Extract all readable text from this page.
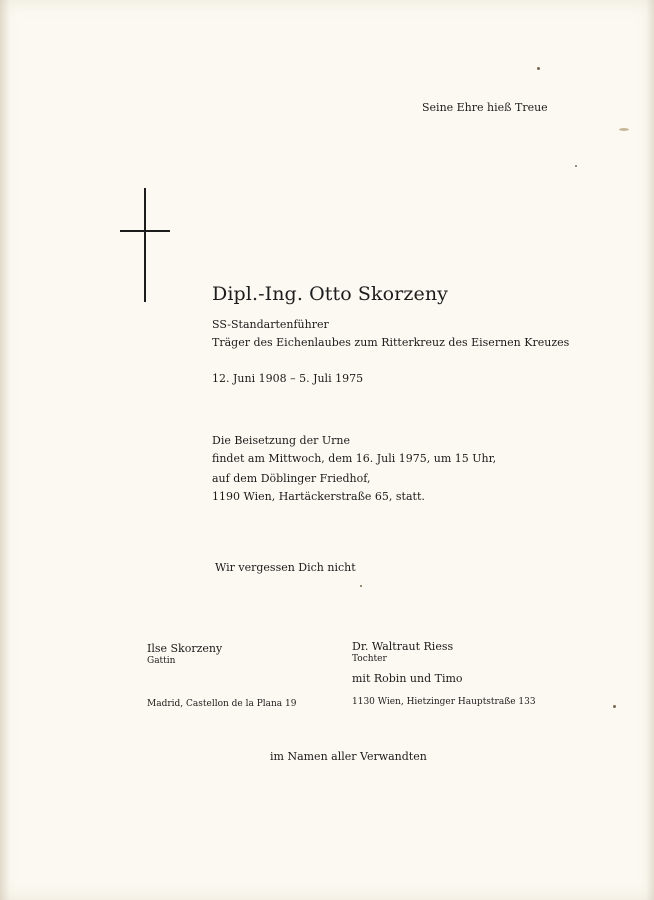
Seine Ehre hieß Treue
Dipl.-Ing. Otto Skorzeny
SS-Standartenführer
Träger des Eichenlaubes zum Ritterkreuz des Eisernen Kreuzes
12. Juni 1908 – 5. Juli 1975
Die Beisetzung der Urne
findet am Mittwoch, dem 16. Juli 1975, um 15 Uhr,
auf dem Döblinger Friedhof,
1190 Wien, Hartäckerstraße 65, statt.
Wir vergessen Dich nicht
Ilse Skorzeny
Gattin
Madrid, Castellon de la Plana 19
Dr. Waltraut Riess
Tochter
mit Robin und Timo
1130 Wien, Hietzinger Hauptstraße 133
im Namen aller Verwandten
